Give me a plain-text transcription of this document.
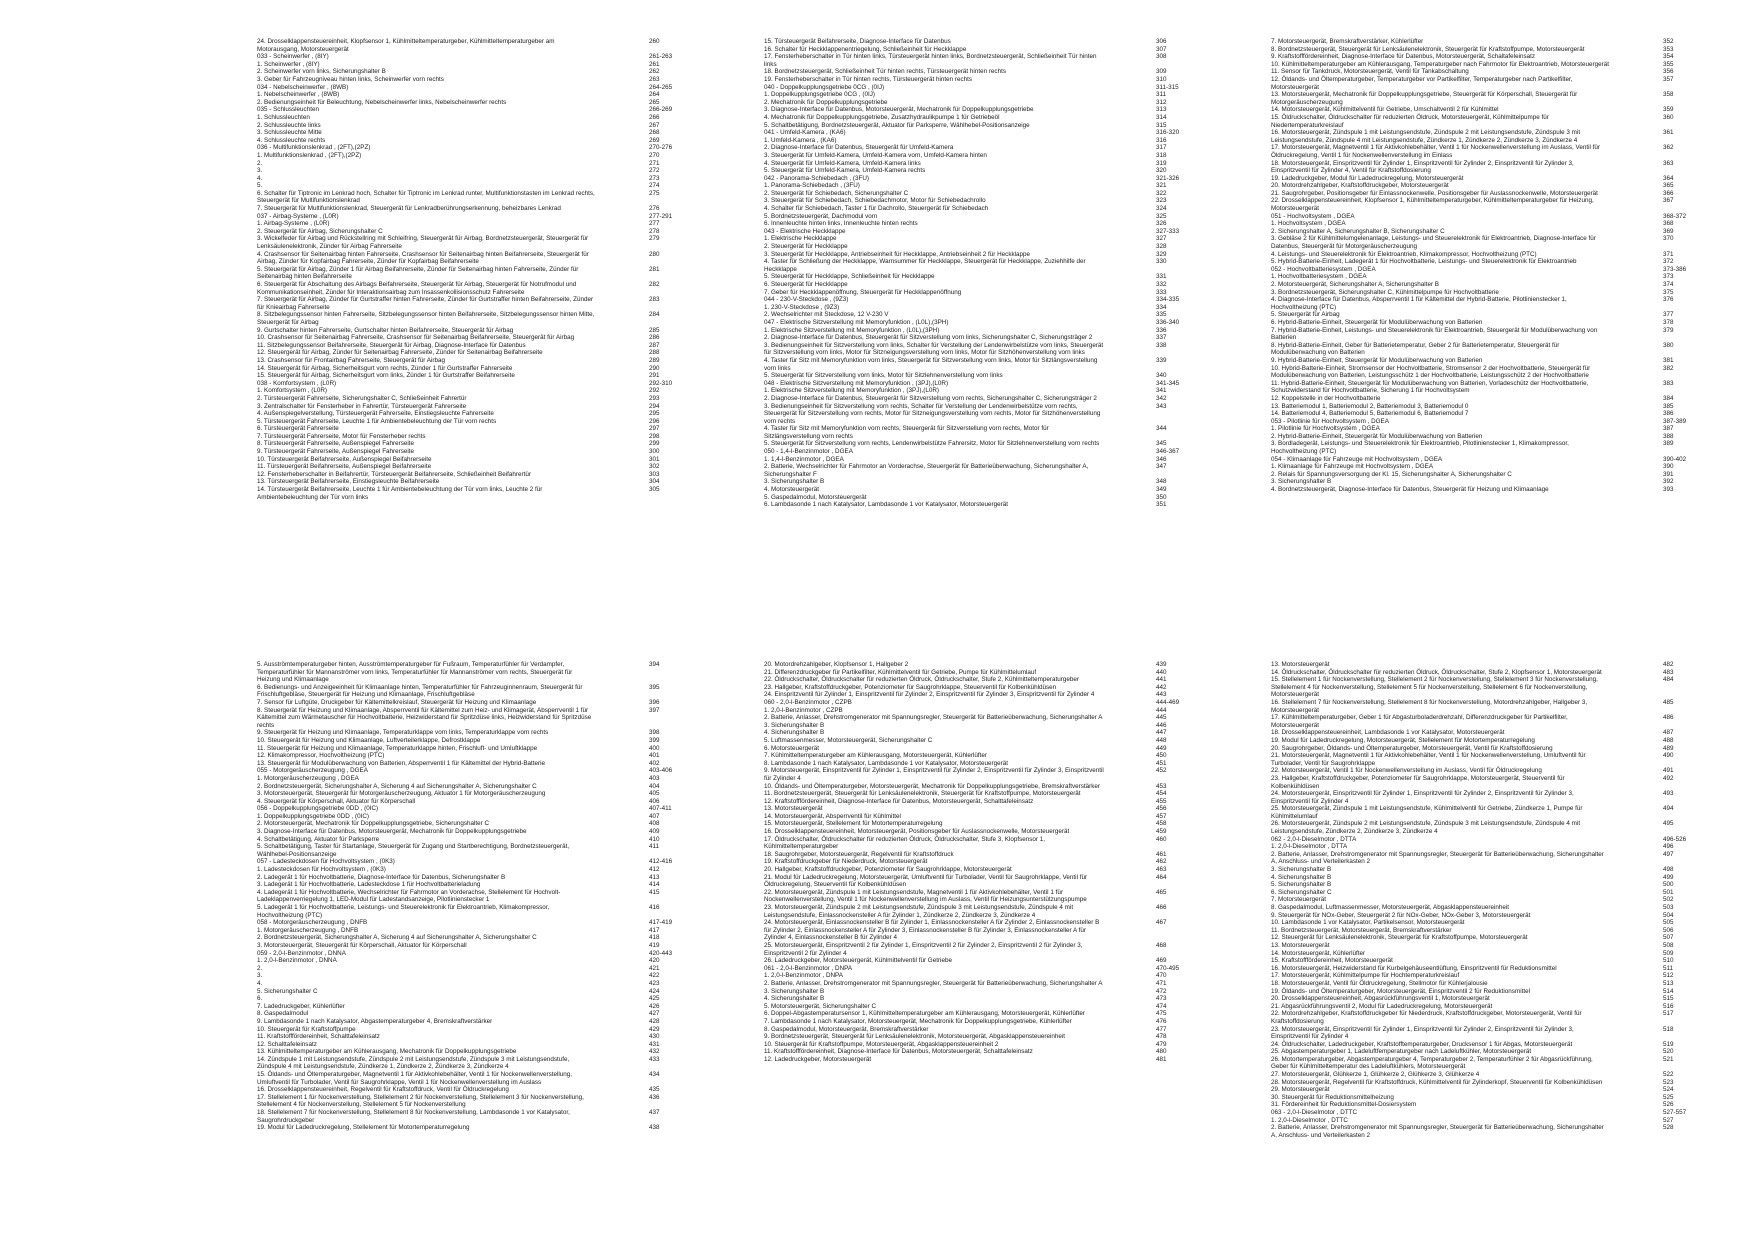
24. Drosselklappensteuereinheit, Klopfsensor 1, Kühlmitteltemperaturgeber, Kühlmitteltemperaturgeber am Motorausgang, Motorsteuergerät
260
033 - Scheinwerfer , (8IY)	261-263
1. Scheinwerfer , (8IY)	261
2. Scheinwerfer vorn links, Sicherungshalter B	262
3. Geber für Fahrzeugniveau hinten links, Scheinwerfer vorn rechts	263
034 - Nebelscheinwerfer , (8WB)	264-265
1. Nebelscheinwerfer , (8WB)	264
2. Bedienungseinheit für Beleuchtung, Nebelscheinwerfer links, Nebelscheinwerfer rechts	265
035 - Schlussleuchten	266-269
1. Schlussleuchten	266
2. Schlussleuchte links	267
3. Schlussleuchte Mitte	268
4. Schlussleuchte rechts	269
036 - Multifunktionslenkrad , (2FT),(2PZ)	270-276
1. Multifunktionslenkrad , (2FT),(2PZ)	270
2.	271
3.	272
4.	273
5.	274
6. Schalter für Tiptronic im Lenkrad hoch, Schalter für Tiptronic im Lenkrad runter, Multifunktionstasten im Lenkrad rechts, Steuergerät für Multifunktionslenkrad
275
7. Steuergerät für Multifunktionslenkrad, Steuergerät für Lenkradberührungserkennung, beheizbares Lenkrad	276
037 - Airbag-Systeme , (L0R)	277-291
1. Airbag-Systeme , (L0R)	277
2. Steuergerät für Airbag, Sicherungshalter C	278
3. Wickelfeder für Airbag und Rückstellring mit Schleifring, Steuergerät für Airbag, Bordnetzsteuergerät, Steuergerät für Lenksäulenelektronik, Zünder für Airbag Fahrerseite
279
4. Crashsensor für Seitenairbag hinten Fahrerseite, Crashsensor für Seitenairbag hinten Beifahrerseite, Steuergerät für Airbag, Zünder für Kopfairbag Fahrerseite, Zünder für Kopfairbag Beifahrerseite
280
5. Steuergerät für Airbag, Zünder 1 für Airbag Beifahrerseite, Zünder für Seitenairbag hinten Fahrerseite, Zünder für Seitenairbag hinten Beifahrerseite
281
6. Steuergerät für Abschaltung des Airbags Beifahrerseite, Steuergerät für Airbag, Steuergerät für Notrufmodul und Kommunikationseinheit, Zünder für Interaktionsairbag zum Insassenkollisionsschutz Fahrerseite
282
7. Steuergerät für Airbag, Zünder für Gurtstraffer hinten Fahrerseite, Zünder für Gurtstraffer hinten Beifahrerseite, Zünder für Knieairbag Fahrerseite
283
8. Sitzbelegungssensor hinten Fahrerseite, Sitzbelegungssensor hinten Beifahrerseite, Sitzbelegungssensor hinten Mitte, Steuergerät für Airbag
284
9. Gurtschalter hinten Fahrerseite, Gurtschalter hinten Beifahrerseite, Steuergerät für Airbag	285
10. Crashsensor für Seitenairbag Fahrerseite, Crashsensor für Seitenairbag Beifahrerseite, Steuergerät für Airbag	286
11. Sitzbelegungssensor Beifahrerseite, Steuergerät für Airbag, Diagnose-Interface für Datenbus	287
12. Steuergerät für Airbag, Zünder für Seitenairbag Fahrerseite, Zünder für Seitenairbag Beifahrerseite	288
13. Crashsensor für Frontairbag Fahrerseite, Steuergerät für Airbag	289
14. Steuergerät für Airbag, Sicherheitsgurt vorn rechts, Zünder 1 für Gurtstraffer Fahrerseite	290
15. Steuergerät für Airbag, Sicherheitsgurt vorn links, Zünder 1 für Gurtstraffer Beifahrerseite	291
038 - Komfortsystem , (L0R)	292-310
1. Komfortsystem , (L0R)	292
2. Türsteuergerät Fahrerseite, Sicherungshalter C, Schließeinheit Fahrertür	293
3. Zentralschalter für Fensterheber in Fahrertür, Türsteuergerät Fahrerseite	294
4. Außenspiegelverstellung, Türsteuergerät Fahrerseite, Einstiegsleuchte Fahrerseite	295
5. Türsteuergerät Fahrerseite, Leuchte 1 für Ambientebeleuchtung der Tür vorn rechts	296
6. Türsteuergerät Fahrerseite	297
7. Türsteuergerät Fahrerseite, Motor für Fensterheber rechts	298
8. Türsteuergerät Fahrerseite, Außenspiegel Fahrerseite	299
9. Türsteuergerät Fahrerseite, Außenspiegel Fahrerseite	300
10. Türsteuergerät Beifahrerseite, Außenspiegel Beifahrerseite	301
11. Türsteuergerät Beifahrerseite, Außenspiegel Beifahrerseite	302
12. Fensterheberschalter in Beifahrertür, Türsteuergerät Beifahrerseite, Schließeinheit Beifahrertür	303
13. Türsteuergerät Beifahrerseite, Einstiegsleuchte Beifahrerseite	304
14. Türsteuergerät Beifahrerseite, Leuchte 1 für Ambientebeleuchtung der Tür vorn links, Leuchte 2 für Ambientebeleuchtung der Tür vorn links
305
15. Türsteuergerät Beifahrerseite, Diagnose-Interface für Datenbus	306
16. Schalter für Heckklappenentriegelung, Schließeinheit für Heckklappe	307
17. Fensterheberschalter in Tür hinten links, Türsteuergerät hinten links, Bordnetzsteuergerät, Schließeinheit Tür hinten links
308
18. Bordnetzsteuergerät, Schließeinheit Tür hinten rechts, Türsteuergerät hinten rechts	309
19. Fensterheberschalter in Tür hinten rechts, Türsteuergerät hinten rechts	310
040 - Doppelkupplungsgetriebe 0CG , (0IJ)	311-315
1. Doppelkupplungsgetriebe 0CG , (0IJ)	311
2. Mechatronik für Doppelkupplungsgetriebe	312
3. Diagnose-Interface für Datenbus, Motorsteuergerät, Mechatronik für Doppelkupplungsgetriebe	313
4. Mechatronik für Doppelkupplungsgetriebe, Zusatzhydraulikpumpe 1 für Getriebeöl	314
5. Schaltbetätigung, Bordnetzsteuergerät, Aktuator für Parksperre, Wählhebel-Positionsanzeige	315
041 - Umfeld-Kamera , (KA6)	316-320
1. Umfeld-Kamera , (KA6)	316
2. Diagnose-Interface für Datenbus, Steuergerät für Umfeld-Kamera	317
3. Steuergerät für Umfeld-Kamera, Umfeld-Kamera vorn, Umfeld-Kamera hinten	318
4. Steuergerät für Umfeld-Kamera, Umfeld-Kamera links	319
5. Steuergerät für Umfeld-Kamera, Umfeld-Kamera rechts	320
042 - Panorama-Schiebedach , (3FU)	321-326
1. Panorama-Schiebedach , (3FU)	321
2. Steuergerät für Schiebedach, Sicherungshalter C	322
3. Steuergerät für Schiebedach, Schiebedachmotor, Motor für Schiebedachrollo	323
4. Schalter für Schiebedach, Taster 1 für Dachrollo, Steuergerät für Schiebedach	324
5. Bordnetzsteuergerät, Dachmodul vorn	325
6. Innenleuchte hinten links, Innenleuchte hinten rechts	326
043 - Elektrische Heckklappe	327-333
1. Elektrische Heckklappe	327
2. Steuergerät für Heckklappe	328
3. Steuergerät für Heckklappe, Antriebseinheit für Heckklappe, Antriebseinheit 2 für Heckklappe	329
4. Taster für Schließung der Heckklappe, Warnsummer für Heckklappe, Steuergerät für Heckklappe, Zuziehhilfe der Heckklappe
330
5. Steuergerät für Heckklappe, Schließeinheit für Heckklappe	331
6. Steuergerät für Heckklappe	332
7. Geber für Heckklappenöffnung, Steuergerät für Heckklappenöffnung	333
044 - 230-V-Steckdose , (9Z3)	334-335
1. 230-V-Steckdose , (9Z3)	334
2. Wechselrichter mit Steckdose, 12 V-230 V	335
047 - Elektrische Sitzverstellung mit Memoryfunktion , (L0L),(3PH)	336-340
1. Elektrische Sitzverstellung mit Memoryfunktion , (L0L),(3PH)	336
2. Diagnose-Interface für Datenbus, Steuergerät für Sitzverstellung vorn links, Sicherungshalter C, Sicherungsträger 2	337
3. Bedienungseinheit für Sitzverstellung vorn links, Schalter für Verstellung der Lendenwirbelstütze vorn links, Steuergerät für Sitzverstellung vorn links, Motor für Sitzneigungsverstellung vorn links, Motor für Sitzhöhenverstellung vorn links
338
4. Taster für Sitz mit Memoryfunktion vorn links, Steuergerät für Sitzverstellung vorn links, Motor für Sitzlängsverstellung vorn links
339
5. Steuergerät für Sitzverstellung vorn links, Motor für Sitzlehnenverstellung vorn links	340
048 - Elektrische Sitzverstellung mit Memoryfunktion , (3PJ),(L0R)	341-345
1. Elektrische Sitzverstellung mit Memoryfunktion , (3PJ),(L0R)	341
2. Diagnose-Interface für Datenbus, Steuergerät für Sitzverstellung vorn rechts, Sicherungshalter C, Sicherungsträger 2	342
3. Bedienungseinheit für Sitzverstellung vorn rechts, Schalter für Verstellung der Lendenwirbelstütze vorn rechts, Steuergerät für Sitzverstellung vorn rechts, Motor für Sitzneigungsverstellung vorn rechts, Motor für Sitzhöhenverstellung vorn rechts
343
4. Taster für Sitz mit Memoryfunktion vorn rechts, Steuergerät für Sitzverstellung vorn rechts, Motor für Sitzlängsverstellung vorn rechts
344
5. Steuergerät für Sitzverstellung vorn rechts, Lendenwirbelstütze Fahrersitz, Motor für Sitzlehnenverstellung vorn rechts	345
050 - 1,4-l-Benzinmotor , DGEA	346-367
1. 1,4-l-Benzinmotor , DGEA	346
2. Batterie, Wechselrichter für Fahrmotor an Vorderachse, Steuergerät für Batterieüberwachung, Sicherungshalter A, Sicherungshalter F
347
3. Sicherungshalter B	348
4. Motorsteuergerät	349
5. Gaspedalmodul, Motorsteuergerät	350
6. Lambdasonde 1 nach Katalysator, Lambdasonde 1 vor Katalysator, Motorsteuergerät	351
7. Motorsteuergerät, Bremskraftverstärker, Kühlerlüfter	352
8. Bordnetzsteuergerät, Steuergerät für Lenksäulenelektronik, Steuergerät für Kraftstoffpumpe, Motorsteuergerät	353
9. Kraftstofffördereinheit, Diagnose-Interface für Datenbus, Motorsteuergerät, Schaltafeleinsatz	354
10. Kühlmitteltemperaturgeber am Kühlerausgang, Temperaturgeber nach Fahrmotor für Elektroantrieb, Motorsteuergerät	355
11. Sensor für Tankdruck, Motorsteuergerät, Ventil für Tankabschaltung	356
12. Öldands- und Öltemperaturgeber, Temperaturgeber vor Partikelfilter, Temperaturgeber nach Partikelfilter, Motorsteuergerät
357
13. Motorsteuergerät, Mechatronik für Doppelkupplungsgetriebe, Steuergerät für Körperschall, Steuergerät für Motorgeräuscherzeugung
358
14. Motorsteuergerät, Kühlmittelventil für Getriebe, Umschaltventil 2 für Kühlmittel	359
15. Öldruckschalter, Öldruckschalter für reduzierten Öldruck, Motorsteuergerät, Kühlmittelpumpe für Niedertemperaturkreislauf
360
16. Motorsteuergerät, Zündspule 1 mit Leistungsendstufe, Zündspule 2 mit Leistungsendstufe, Zündspule 3 mit Leistungsendstufe, Zündspule 4 mit Leistungsendstufe, Zündkerze 1, Zündkerze 2, Zündkerze 3, Zündkerze 4
361
17. Motorsteuergerät, Magnetventil 1 für Aktivkohlebehälter, Ventil 1 für Nockenwellenverstellung im Auslass, Ventil für Öldruckregelung, Ventil 1 für Nockenwellenverstellung im Einlass
362
18. Motorsteuergerät, Einspritzventil für Zylinder 1, Einspritzventil für Zylinder 2, Einspritzventil für Zylinder 3, Einspritzventil für Zylinder 4, Ventil für Kraftstoffdosierung
363
19. Ladedruckgeber, Modul für Ladedruckregelung, Motorsteuergerät	364
20. Motordrehzahlgeber, Kraftstoffdruckgeber, Motorsteuergerät	365
21. Saugrohrgeber, Positionsgeber für Einlassnockenwelle, Positionsgeber für Auslassnockenwelle, Motorsteuergerät	366
22. Drosselklappensteuereinheit, Klopfsensor 1, Kühlmitteltemperaturgeber, Kühlmitteltemperaturgeber für Heizung, Motorsteuergerät
367
051 - Hochvoltsystem , DGEA	368-372
1. Hochvoltsystem , DGEA	368
2. Sicherungshalter A, Sicherungshalter B, Sicherungshalter C	369
3. Gebläse 2 für Kühlmittelumgelenanlage, Leistungs- und Steuerelektronik für Elektroantrieb, Diagnose-Interface für Datenbus, Steuergerät für Motorgeräuscherzeugung
370
4. Leistungs- und Steuerelektronik für Elektroantrieb, Klimakompressor, Hochvoltheizung (PTC)	371
5. Hybrid-Batterie-Einheit, Ladegerät 1 für Hochvoltbatterie, Leistungs- und Steuerelektronik für Elektroantrieb	372
052 - Hochvoltbatteriesystem , DGEA	373-386
1. Hochvoltbatteriesystem , DGEA	373
2. Motorsteuergerät, Sicherungshalter A, Sicherungshalter B	374
3. Bordnetzsteuergerät, Sicherungshalter C, Kühlmittelpumpe für Hochvoltbatterie	375
4. Diagnose-Interface für Datenbus, Absperrventil 1 für Kältemittel der Hybrid-Batterie, Pilotlinienstecker 1, Hochvoltheizung (PTC)
376
5. Steuergerät für Airbag	377
6. Hybrid-Batterie-Einheit, Steuergerät für Modulüberwachung von Batterien	378
7. Hybrid-Batterie-Einheit, Leistungs- und Steuerelektronik für Elektroantrieb, Steuergerät für Modulüberwachung von Batterien
379
8. Hybrid-Batterie-Einheit, Geber für Batterietemperatur, Geber 2 für Batterietemperatur, Steuergerät für Modulüberwachung von Batterien
380
9. Hybrid-Batterie-Einheit, Steuergerät für Modulüberwachung von Batterien	381
10. Hybrid-Batterie-Einheit, Stromsensor der Hochvoltbatterie, Stromsensor 2 der Hochvoltbatterie, Steuergerät für Modulüberwachung von Batterien, Leistungsschütz 1 der Hochvoltbatterie, Leistungsschütz 2 der Hochvoltbatterie
382
11. Hybrid-Batterie-Einheit, Steuergerät für Modulüberwachung von Batterien, Vorladeschütz der Hochvoltbatterie, Schutzwiderstand für Hochvoltbatterie, Sicherung 1 für Hochvoltsystem
383
12. Koppelstelle in der Hochvoltbatterie	384
13. Batteriemodul 1, Batteriemodul 2, Batteriemodul 3, Batteriemodul 0	385
14. Batteriemodul 4, Batteriemodul 5, Batteriemodul 6, Batteriemodul 7	386
053 - Pilotlinie für Hochvoltsystem , DGEA	387-389
1. Pilotlinie für Hochvoltsystem , DGEA	387
2. Hybrid-Batterie-Einheit, Steuergerät für Modulüberwachung von Batterien	388
3. Bordladegerät, Leistungs- und Steuerelektronik für Elektroantrieb, Pilotlinienstecker 1, Klimakompressor, Hochvoltheizung (PTC)
389
054 - Klimaanlage für Fahrzeuge mit Hochvoltsystem , DGEA	390-402
1. Klimaanlage für Fahrzeuge mit Hochvoltsystem , DGEA	390
2. Relais für Spannungsversorgung der Kl. 15, Sicherungshalter A, Sicherungshalter C	391
3. Sicherungshalter B	392
4. Bordnetzsteuergerät, Diagnose-Interface für Datenbus, Steuergerät für Heizung und Klimaanlage	393
5. Ausströmtemperaturgeber hinten, Ausströmtemperaturgeber für Fußraum, Temperaturfühler für Verdampfer, Temperaturfühler für Mannanströmer vorn links, Temperaturfühler für Mannanströmer vorn rechts, Steuergerät für Heizung und Klimaanlage
394
6. Bedienungs- und Anzeigeeinheit für Klimaanlage hinten, Temperaturfühler für Fahrzeuginnenraum, Steuergerät für Frischluftgebläse, Steuergerät für Heizung und Klimaanlage, Frischluftgebläse
395
7. Sensor für Luftgüte, Druckgeber für Kältemittelkreislauf, Steuergerät für Heizung und Klimaanlage	396
8. Steuergerät für Heizung und Klimaanlage, Absperrventil für Kältemittel zum Heiz- und Klimagerät, Absperrventil 1 für Kältemittel zum Wärmetauscher für Hochvoltbatterie, Heizwiderstand für Spritzdüse links, Heizwiderstand für Spritzdüse rechts
397
9. Steuergerät für Heizung und Klimaanlage, Temperaturklappe vorn links, Temperaturklappe vorn rechts	398
10. Steuergerät für Heizung und Klimaanlage, Luftverteilerklappe, Defrostklappe	399
11. Steuergerät für Heizung und Klimaanlage, Temperaturklappe hinten, Frischluft- und Umluftklappe	400
12. Klimakompressor, Hochvoltheizung (PTC)	401
13. Steuergerät für Modulüberwachung von Batterien, Absperrventil 1 für Kältemittel der Hybrid-Batterie	402
055 - Motorgeräuscherzeugung , DGEA	403-406
1. Motorgeräuscherzeugung , DGEA	403
2. Bordnetzsteuergerät, Sicherungshalter A, Sicherung 4 auf Sicherungshalter A, Sicherungshalter C	404
3. Motorsteuergerät, Steuergerät für Motorgeräuscherzeugung, Aktuator 1 für Motorgeräuscherzeugung	405
4. Steuergerät für Körperschall, Aktuator für Körperschall	406
056 - Doppelkupplungsgetriebe 0DD , (0IC)	407-411
1. Doppelkupplungsgetriebe 0DD , (0IC)	407
2. Motorsteuergerät, Mechatronik für Doppelkupplungsgetriebe, Sicherungshalter C	408
3. Diagnose-Interface für Datenbus, Motorsteuergerät, Mechatronik für Doppelkupplungsgetriebe	409
4. Schaltbetätigung, Aktuator für Parksperre	410
5. Schaltbetätigung, Taster für Startanlage, Steuergerät für Zugang und Startberechtigung, Bordnetzsteuergerät, Wählhebel-Positionsanzeige
411
057 - Ladesteckdosen für Hochvoltsystem , (0K3)	412-416
1. Ladesteckdosen für Hochvoltsystem , (0K3)	412
2. Ladegerät 1 für Hochvoltbatterie, Diagnose-Interface für Datenbus, Sicherungshalter B	413
3. Ladegerät 1 für Hochvoltbatterie, Ladesteckdose 1 für Hochvoltbatterieladung	414
4. Ladegerät 1 für Hochvoltbatterie, Wechselrichter für Fahrmotor an Vorderachse, Stellelement für Hochvolt-Ladeklappenverriegelung 1, LED-Modul für Ladestandsanzeige, Pilotlinienstecker 1
415
5. Ladegerät 1 für Hochvoltbatterie, Leistungs- und Steuerelektronik für Elektroantrieb, Klimakompressor, Hochvoltheizung (PTC)
416
058 - Motorgeräuscherzeugung , DNFB	417-419
1. Motorgeräuscherzeugung , DNFB	417
2. Bordnetzsteuergerät, Sicherungshalter A, Sicherung 4 auf Sicherungshalter A, Sicherungshalter C	418
3. Motorsteuergerät, Steuergerät für Körperschall, Aktuator für Körperschall	419
059 - 2,0-l-Benzinmotor , DNNA	420-443
1. 2,0-l-Benzinmotor , DNNA	420
2.	421
3.	422
4.	423
5. Sicherungshalter C	424
6.	425
7. Ladedruckgeber, Kühlerlüfter	426
8. Gaspedalmodul	427
9. Lambdasonde 1 nach Katalysator, Abgastemperaturgeber 4, Bremskraftverstärker	428
10. Steuergerät für Kraftstoffpumpe	429
11. Kraftstofffördereinheit, Schalttafeleinsatz	430
12. Schalttafeleinsatz	431
13. Kühlmitteltemperaturgeber am Kühlerausgang, Mechatronik für Doppelkupplungsgetriebe	432
14. Zündspule 1 mit Leistungsendstufe, Zündspule 2 mit Leistungsendstufe, Zündspule 3 mit Leistungsendstufe, Zündspule 4 mit Leistungsendstufe, Zündkerze 1, Zündkerze 2, Zündkerze 3, Zündkerze 4
433
15. Öldands- und Öltemperaturgeber, Magnetventil 1 für Aktivkohlebehälter, Ventil 1 für Nockenwellenverstellung, Umluftventil für Turbolader, Ventil für Saugrohrklappe, Ventil 1 für Nockenwellenverstellung im Auslass
434
16. Drosselklappensteuereinheit, Regelventil für Kraftstoffdruck, Ventil für Öldruckregelung	435
17. Stellelement 1 für Nockenverstellung, Stellelement 2 für Nockenverstellung, Stellelement 3 für Nockenverstellung, Stellelement 4 für Nockenverstellung, Stellelement 5 für Nockenverstellung
436
18. Stellelement 7 für Nockenverstellung, Stellelement 8 für Nockenverstellung, Lambdasonde 1 vor Katalysator, Saugrohrdruckgeber
437
19. Modul für Ladedruckregelung, Stellelement für Motortemperaturregelung	438
20. Motordrehzahlgeber, Klopfsensor 1, Hallgeber 2	439
21. Differenzdruckgeber für Partikelfilter, Kühlmittelventil für Getriebe, Pumpe für Kühlmittelumlauf	440
22. Öldruckschalter, Öldruckschalter für reduzierten Öldruck, Öldruckschalter, Stufe 2, Kühlmitteltemperaturgeber	441
23. Hallgeber, Kraftstoffdruckgeber, Potenziometer für Saugrohrklappe, Steuerventil für Kolbenkühldüsen	442
24. Einspritzventil für Zylinder 1, Einspritzventil für Zylinder 2, Einspritzventil für Zylinder 3, Einspritzventil für Zylinder 4	443
060 - 2,0-l-Benzinmotor , CZPB	444-469
1. 2,0-l-Benzinmotor , CZPB	444
2. Batterie, Anlasser, Drehstromgenerator mit Spannungsregler, Steuergerät für Batterieüberwachung, Sicherungshalter A	445
3. Sicherungshalter B	446
4. Sicherungshalter B	447
5. Luftmassenmesser, Motorsteuergerät, Sicherungshalter C	448
6. Motorsteuergerät	449
7. Kühlmitteltemperaturgeber am Kühlerausgang, Motorsteuergerät, Kühlerlüfter	450
8. Lambdasonde 1 nach Katalysator, Lambdasonde 1 vor Katalysator, Motorsteuergerät	451
9. Motorsteuergerät, Einspritzventil für Zylinder 1, Einspritzventil für Zylinder 2, Einspritzventil für Zylinder 3, Einspritzventil für Zylinder 4
452
10. Öldands- und Öltemperaturgeber, Motorsteuergerät, Mechatronik für Doppelkupplungsgetriebe, Bremskraftverstärker	453
11. Bordnetzsteuergerät, Steuergerät für Lenksäulenelektronik, Steuergerät für Kraftstoffpumpe, Motorsteuergerät	454
12. Kraftstofffördereinheit, Diagnose-Interface für Datenbus, Motorsteuergerät, Schalttafeleinsatz	455
13. Motorsteuergerät	456
14. Motorsteuergerät, Absperrventil für Kühlmittel	457
15. Motorsteuergerät, Stellelement für Motortemperaturregelung	458
16. Drosselklappensteuereinheit, Motorsteuergerät, Positionsgeber für Auslassnockenwelle, Motorsteuergerät	459
17. Öldruckschalter, Öldruckschalter für reduzierten Öldruck, Öldruckschalter, Stufe 3, Klopfsensor 1, Kühlmitteltemperaturgeber
460
18. Saugrohrgeber, Motorsteuergerät, Regelventil für Kraftstoffdruck	461
19. Kraftstoffdruckgeber für Niederdruck, Motorsteuergerät	462
20. Hallgeber, Kraftstoffdruckgeber, Potenziometer für Saugrohrklappe, Motorsteuergerät	463
21. Modul für Ladedruckregelung, Motorsteuergerät, Umluftventil für Turbolader, Ventil für Saugrohrklappe, Ventil für Öldruckregelung, Steuerventil für Kolbenkühldüsen
464
22. Motorsteuergerät, Zündspule 1 mit Leistungsendstufe, Magnetventil 1 für Aktivkohlebehälter, Ventil 1 für Nockenwellenverstellung, Ventil 1 für Nockenwellenverstellung im Auslass, Ventil für Heizungsunterstützungspumpe
465
23. Motorsteuergerät, Zündspule 2 mit Leistungsendstufe, Zündspule 3 mit Leistungsendstufe, Zündspule 4 mit Leistungsendstufe, Einlassnockensteller A für Zylinder 1, Zündkerze 2, Zündkerze 3, Zündkerze 4
466
24. Motorsteuergerät, Einlassnockensteller B für Zylinder 1, Einlassnockensteller A für Zylinder 2, Einlassnockensteller B für Zylinder 2, Einlassnockensteller A für Zylinder 3, Einlassnockensteller B für Zylinder 3, Einlassnockensteller A für Zylinder 4, Einlassnockensteller B für Zylinder 4
467
25. Motorsteuergerät, Einspritzventil 2 für Zylinder 1, Einspritzventil 2 für Zylinder 2, Einspritzventil 2 für Zylinder 3, Einspritzventil 2 für Zylinder 4
468
26. Ladedruckgeber, Motorsteuergerät, Kühlmittelventil für Getriebe	469
061 - 2,0-l-Benzinmotor , DNPA	470-495
1. 2,0-l-Benzinmotor , DNPA	470
2. Batterie, Anlasser, Drehstromgenerator mit Spannungsregler, Steuergerät für Batterieüberwachung, Sicherungshalter A	471
3. Sicherungshalter B	472
4. Sicherungshalter B	473
5. Motorsteuergerät, Sicherungshalter C	474
6. Doppel-Abgastemperatursensor 1, Kühlmitteltemperaturgeber am Kühlerausgang, Motorsteuergerät, Kühlerlüfter	475
7. Lambdasonde 1 nach Katalysator, Motorsteuergerät, Mechatronik für Doppelkupplungsgetriebe, Kühlerlüfter	476
8. Gaspedalmodul, Motorsteuergerät, Bremskraftverstärker	477
9. Bordnetzsteuergerät, Steuergerät für Lenksäulenelektronik, Motorsteuergerät, Abgasklappensteuereinheit	478
10. Steuergerät für Kraftstoffpumpe, Motorsteuergerät, Abgasklappensteuereinheit 2	479
11. Kraftstofffördereinheit, Diagnose-Interface für Datenbus, Motorsteuergerät, Schalttafeleinsatz	480
12. Ladedruckgeber, Motorsteuergerät	481
13. Motorsteuergerät	482
14. Öldruckschalter, Öldruckschalter für reduzierten Öldruck, Öldruckschalter, Stufe 2, Klopfsensor 1, Motorsteuergerät	483
15. Stellelement 1 für Nockenverstellung, Stellelement 2 für Nockenverstellung, Stellelement 3 für Nockenverstellung, Stellelement 4 für Nockenverstellung, Stellelement 5 für Nockenverstellung, Stellelement 6 für Nockenverstellung, Motorsteuergerät
484
16. Stellelement 7 für Nockenverstellung, Stellelement 8 für Nockenverstellung, Motordrehzahlgeber, Hallgeber 3, Motorsteuergerät
485
17. Kühlmitteltemperaturgeber, Geber 1 für Abgasturboladerdrehzahl, Differenzdruckgeber für Partikelfilter, Motorsteuergerät
486
18. Drosselklappensteuereinheit, Lambdasonde 1 vor Katalysator, Motorsteuergerät	487
19. Modul für Ladedruckregelung, Motorsteuergerät, Stellelement für Motortemperaturregelung	488
20. Saugrohrgeber, Öldands- und Öltemperaturgeber, Motorsteuergerät, Ventil für Kraftstoffdosierung	489
21. Motorsteuergerät, Magnetventil 1 für Aktivkohlebehälter, Ventil 1 für Nockenwellenverstellung, Umluftventil für Turbolader, Ventil für Saugrohrklappe
490
22. Motorsteuergerät, Ventil 1 für Nockenwellenverstellung im Auslass, Ventil für Öldruckregelung	491
23. Hallgeber, Kraftstoffdruckgeber, Potenziometer für Saugrohrklappe, Motorsteuergerät, Steuerventil für Kolbenkühldüsen
492
24. Motorsteuergerät, Einspritzventil für Zylinder 1, Einspritzventil für Zylinder 2, Einspritzventil für Zylinder 3, Einspritzventil für Zylinder 4
493
25. Motorsteuergerät, Zündspule 1 mit Leistungsendstufe, Kühlmittelventil für Getriebe, Zündkerze 1, Pumpe für Kühlmittelumlauf
494
26. Motorsteuergerät, Zündspule 2 mit Leistungsendstufe, Zündspule 3 mit Leistungsendstufe, Zündspule 4 mit Leistungsendstufe, Zündkerze 2, Zündkerze 3, Zündkerze 4
495
062 - 2,0-l-Dieselmotor , DTTA	496-526
1. 2,0-l-Dieselmotor , DTTA	496
2. Batterie, Anlasser, Drehstromgenerator mit Spannungsregler, Steuergerät für Batterieüberwachung, Sicherungshalter A, Anschluss- und Verteilerkasten 2
497
3. Sicherungshalter B	498
4. Sicherungshalter B	499
5. Sicherungshalter B	500
6. Sicherungshalter C	501
7. Motorsteuergerät	502
8. Gaspedalmodul, Luftmassenmesser, Motorsteuergerät, Abgasklappensteuereinheit	503
9. Steuergerät für NOx-Geber, Steuergerät 2 für NOx-Geber, NOx-Geber 3, Motorsteuergerät	504
10. Lambdasonde 1 vor Katalysator, Partikelsensor, Motorsteuergerät	505
11. Bordnetzsteuergerät, Motorsteuergerät, Bremskraftverstärker	506
12. Steuergerät für Lenksäulenelektronik, Steuergerät für Kraftstoffpumpe, Motorsteuergerät	507
13. Motorsteuergerät	508
14. Motorsteuergerät, Kühlerlüfter	509
15. Kraftstofffördereinheit, Motorsteuergerät	510
16. Motorsteuergerät, Heizwiderstand für Kurbelgehäuseentlüftung, Einspritzventil für Reduktionsmittel	511
17. Motorsteuergerät, Kühlmittelpumpe für Hochtemperaturkreislauf	512
18. Motorsteuergerät, Ventil für Öldruckregelung, Stellmotor für Kühlerjalousie	513
19. Öldands- und Öltemperaturgeber, Motorsteuergerät, Einspritzventil 2 für Reduktionsmittel	514
20. Drosselklappensteuereinheit, Abgasrückführungsventil 1, Motorsteuergerät	515
21. Abgasrückführungsventil 2, Modul für Ladedruckregelung, Motorsteuergerät	516
22. Motordrehzahlgeber, Kraftstoffdruckgeber für Niederdruck, Kraftstoffdruckgeber, Motorsteuergerät, Ventil für Kraftstoffdosierung
517
23. Motorsteuergerät, Einspritzventil für Zylinder 1, Einspritzventil für Zylinder 2, Einspritzventil für Zylinder 3, Einspritzventil für Zylinder 4
518
24. Öldruckschalter, Ladedruckgeber, Kraftstofftemperaturgeber, Drucksensor 1 für Abgas, Motorsteuergerät	519
25. Abgastemperaturgeber 1, Ladeluftfemperaturgeber nach Ladeluftkühler, Motorsteuergerät	520
26. Motortemperaturgeber, Abgastemperaturgeber 4, Temperaturgeber 2, Temperaturfühler 2 für Abgasrückführung, Geber für Kühlmitteltemperatur des Ladeluftkühlers, Motorsteuergerät
521
27. Motorsteuergerät, Glühkerze 1, Glühkerze 2, Glühkerze 3, Glühkerze 4	522
28. Motorsteuergerät, Regelventil für Kraftstoffdruck, Kühlmittelventil für Zylinderkopf, Steuerventil für Kolbenkühldüsen	523
29. Motorsteuergerät	524
30. Steuergerät für Reduktionsmittelheizung	525
31. Fördereinheit für Reduktionsmittel-Dosiersystem	526
063 - 2,0-l-Dieselmotor , DTTC	527-557
1. 2,0-l-Dieselmotor , DTTC	527
2. Batterie, Anlasser, Drehstromgenerator mit Spannungsregler, Steuergerät für Batterieüberwachung, Sicherungshalter A, Anschluss- und Verteilerkasten 2
528
